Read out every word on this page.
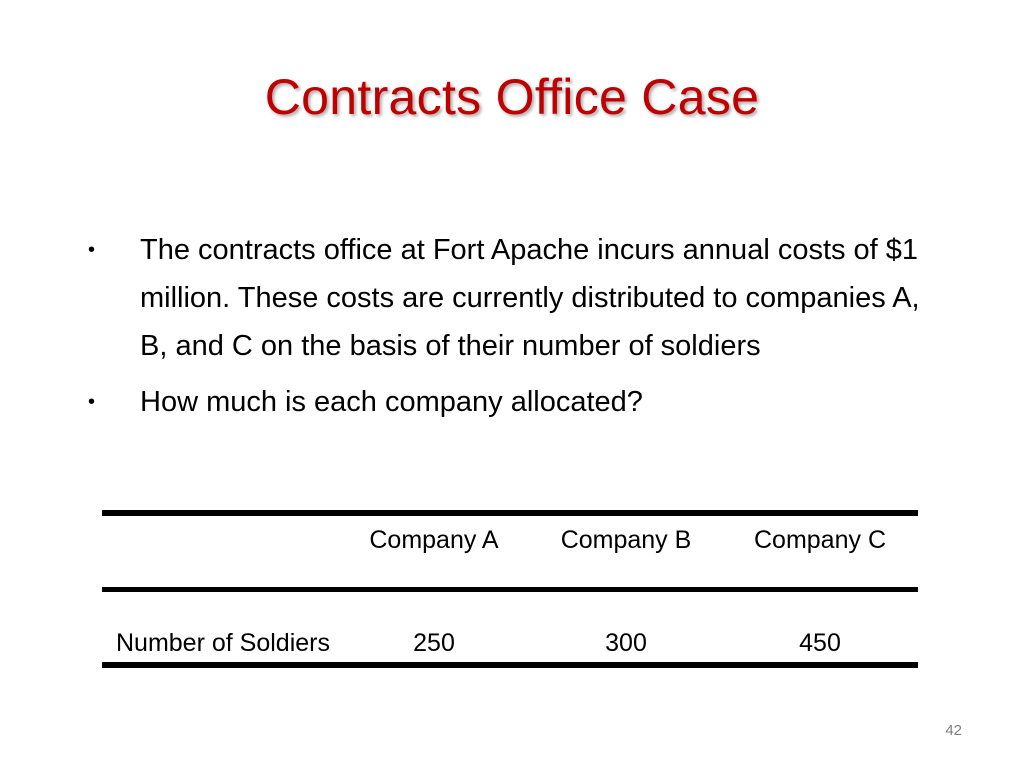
Contracts Office Case
• The contracts office at Fort Apache incurs annual costs of $1 million. These costs are currently distributed to companies A, B, and C on the basis of their number of soldiers
• How much is each company allocated?
	Company A	Company B	Company C
Number of Soldiers	250	300	450
42
